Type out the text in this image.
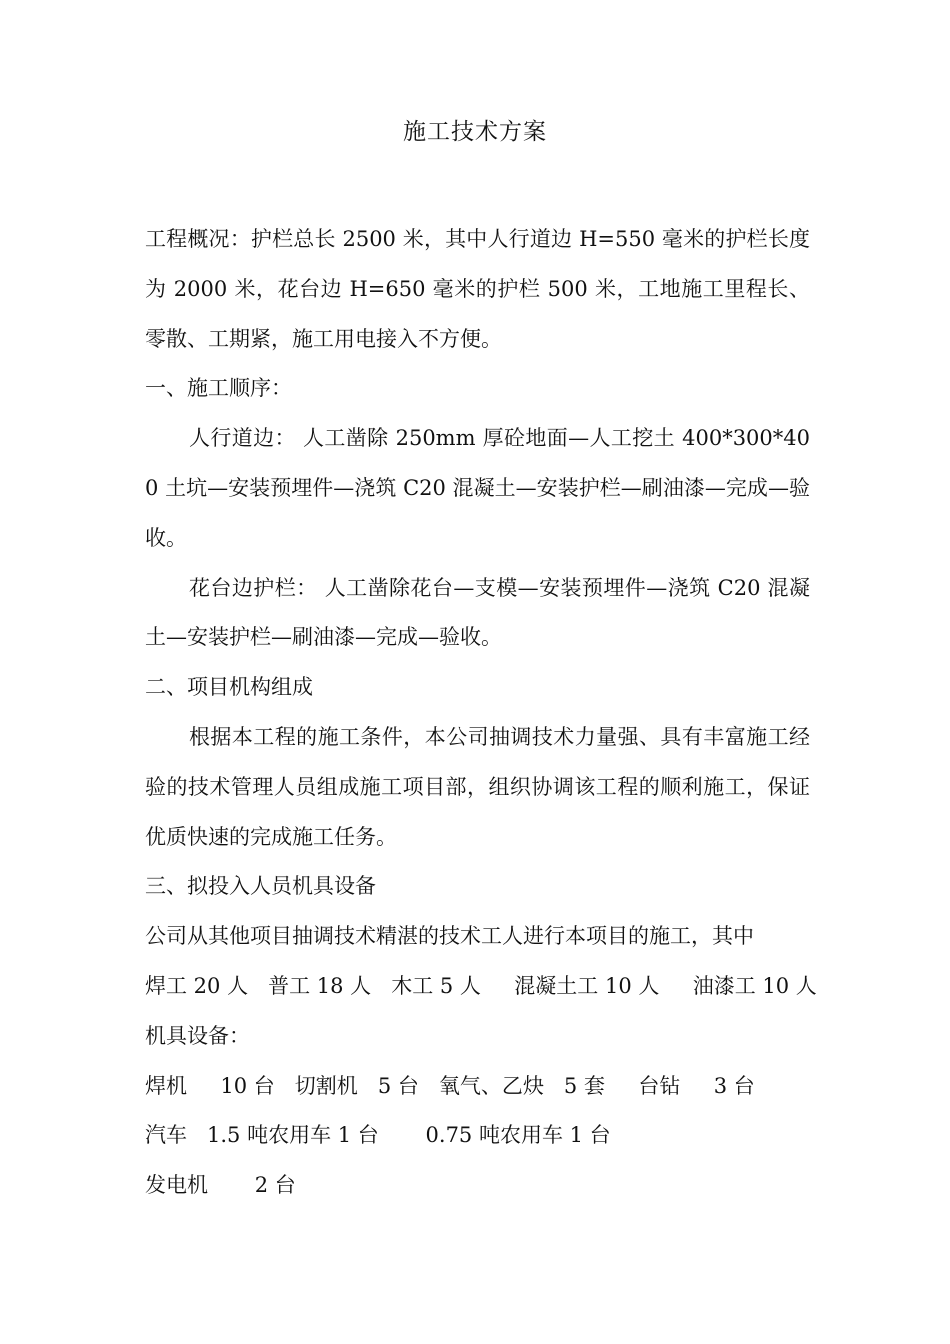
施工技术方案

工程概况：护栏总长 2500 米，其中人行道边 H=550 毫米的护栏长度为 2000 米，花台边 H=650 毫米的护栏 500 米，工地施工里程长、零散、工期紧，施工用电接入不方便。

一、施工顺序：

人行道边： 人工凿除 250mm 厚砼地面—人工挖土 400*300*400 土坑—安装预埋件—浇筑 C20 混凝土—安装护栏—刷油漆—完成—验收。

花台边护栏： 人工凿除花台—支模—安装预埋件—浇筑 C20 混凝土—安装护栏—刷油漆—完成—验收。

二、项目机构组成

根据本工程的施工条件，本公司抽调技术力量强、具有丰富施工经验的技术管理人员组成施工项目部，组织协调该工程的顺利施工，保证优质快速的完成施工任务。

三、拟投入人员机具设备

公司从其他项目抽调技术精湛的技术工人进行本项目的施工，其中

焊工 20 人   普工 18 人   木工 5 人     混凝土工 10 人     油漆工 10 人

机具设备：

焊机     10 台   切割机   5 台   氧气、乙炔   5 套     台钻     3 台

汽车   1.5 吨农用车 1 台       0.75 吨农用车 1 台

发电机       2 台
